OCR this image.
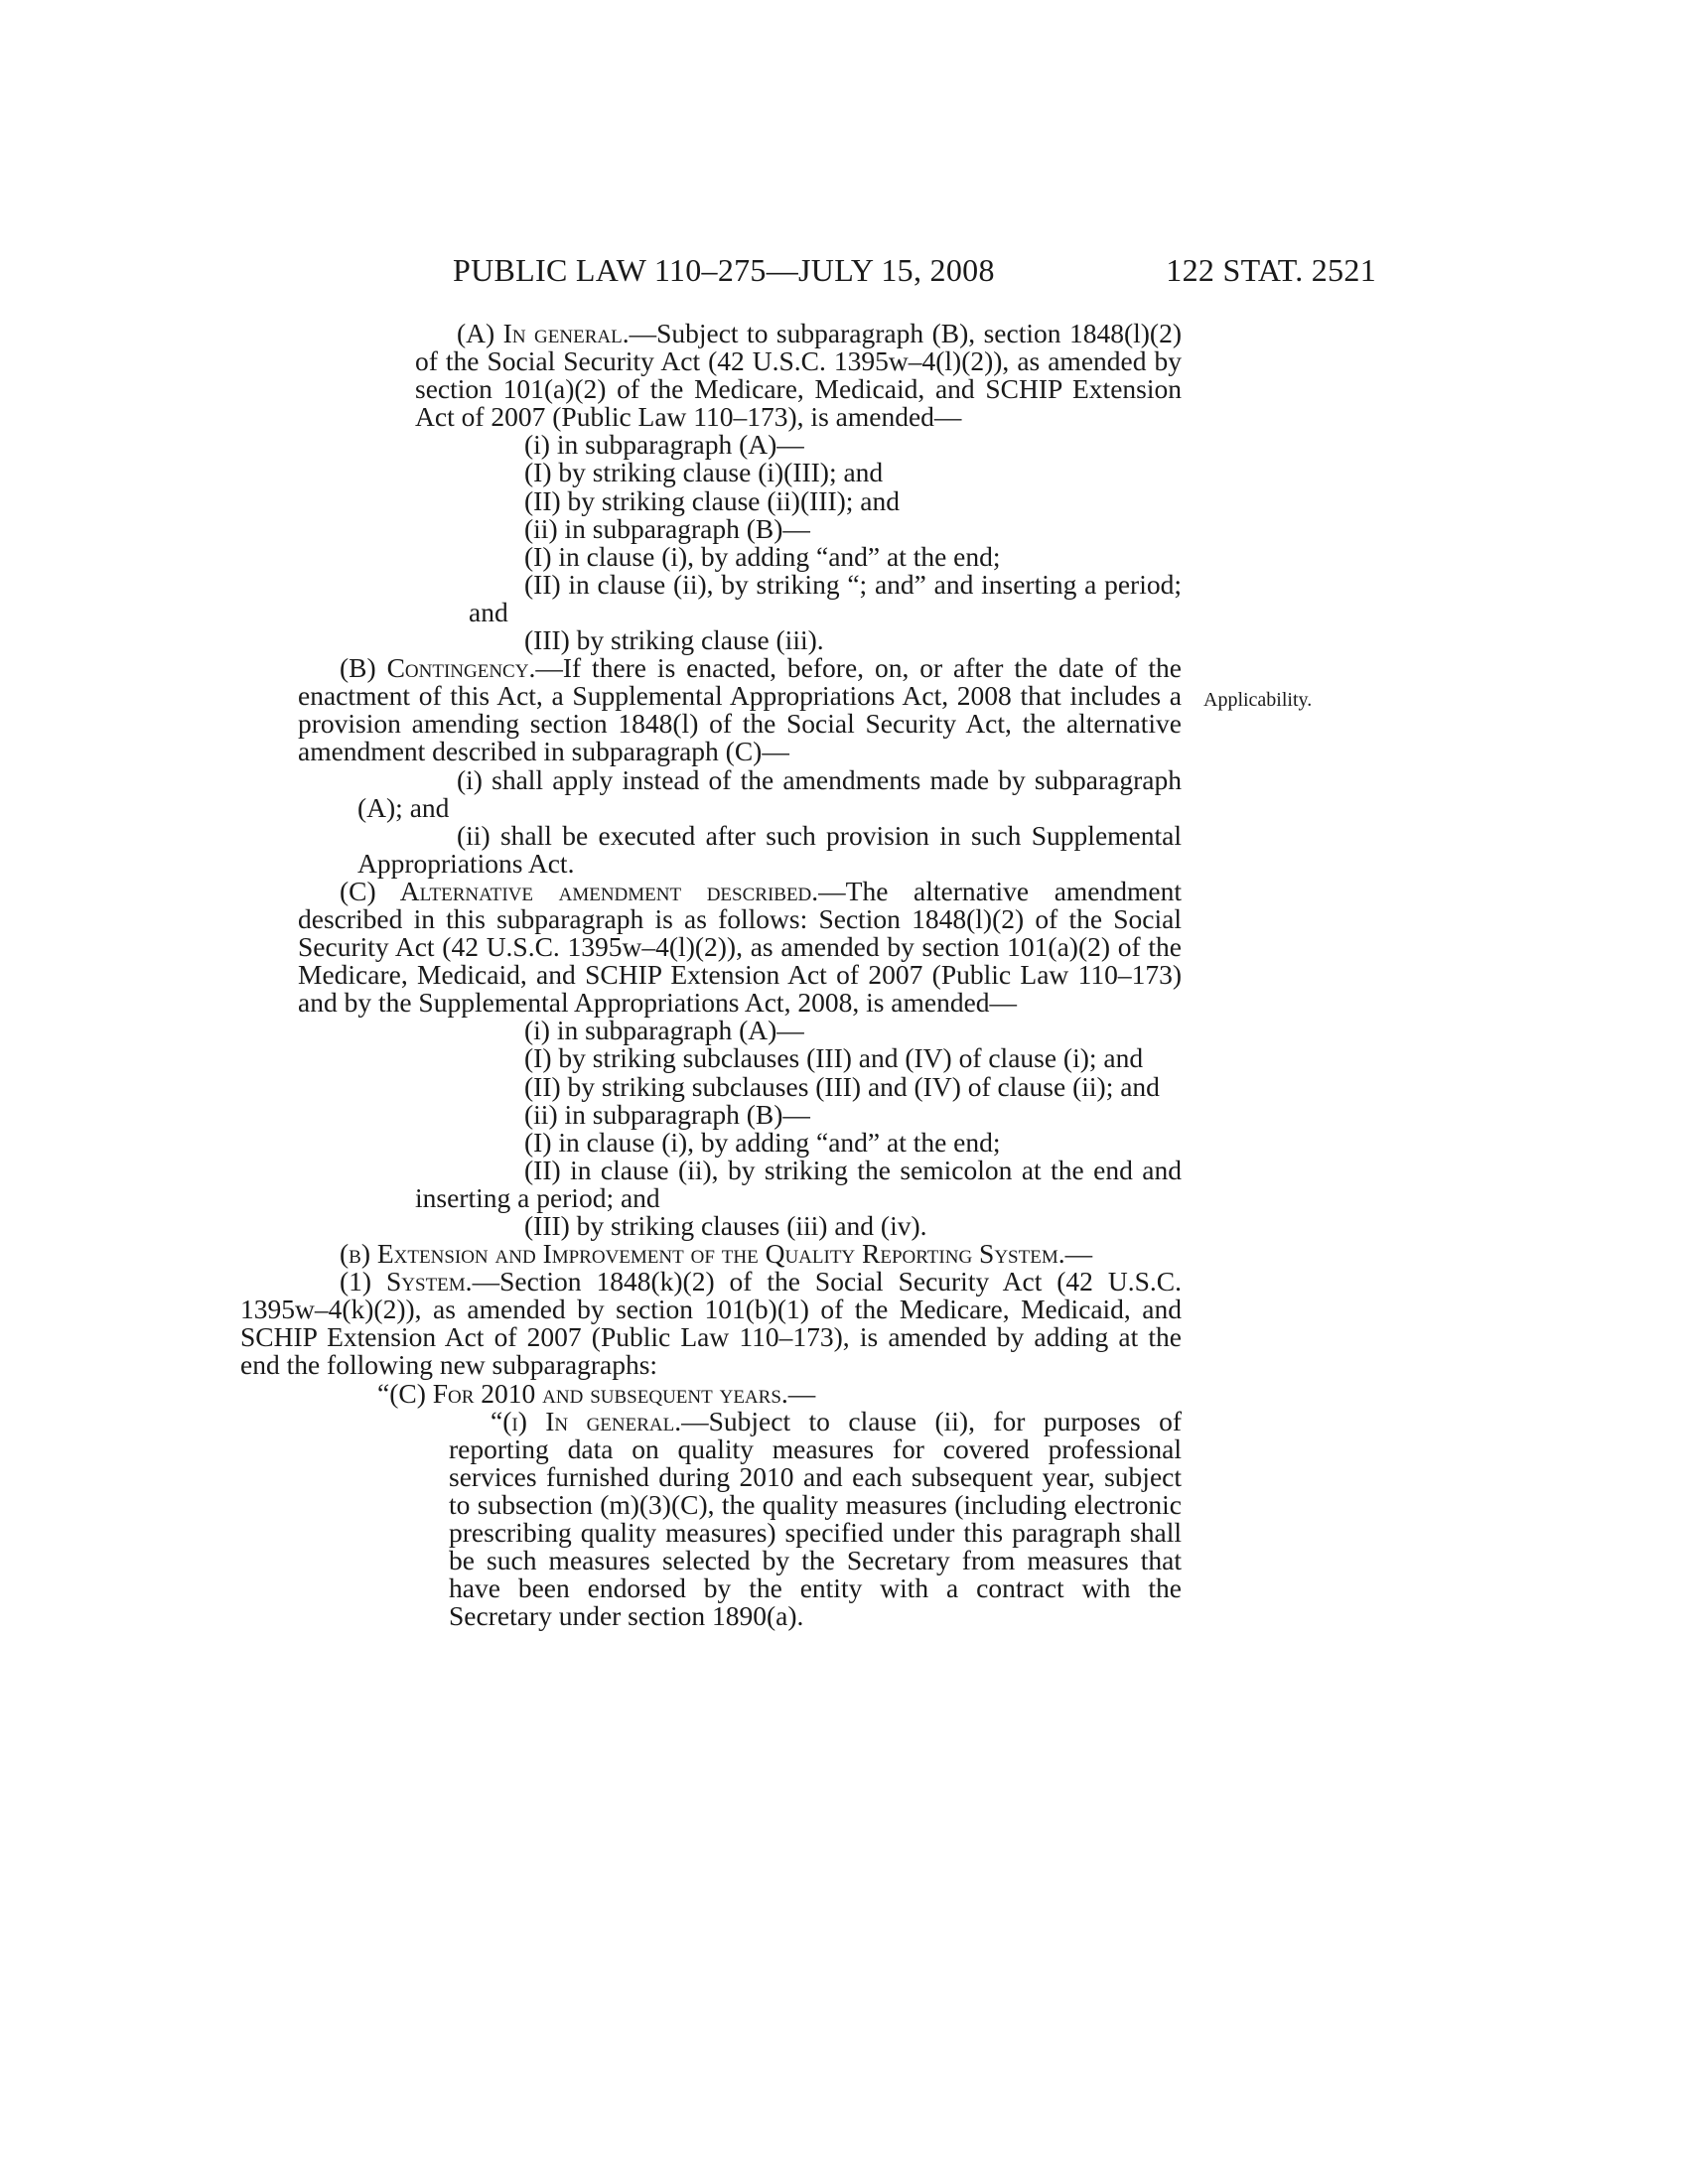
PUBLIC LAW 110–275—JULY 15, 2008	122 STAT. 2521
Applicability.

(A) In general.—Subject to subparagraph (B), section 1848(l)(2) of the Social Security Act (42 U.S.C. 1395w–4(l)(2)), as amended by section 101(a)(2) of the Medicare, Medicaid, and SCHIP Extension Act of 2007 (Public Law 110–173), is amended—

(i) in subparagraph (A)—

(I) by striking clause (i)(III); and

(II) by striking clause (ii)(III); and

(ii) in subparagraph (B)—

(I) in clause (i), by adding “and” at the end;

(II) in clause (ii), by striking “; and” and inserting a period; and

(III) by striking clause (iii).

(B) Contingency.—If there is enacted, before, on, or after the date of the enactment of this Act, a Supplemental Appropriations Act, 2008 that includes a provision amending section 1848(l) of the Social Security Act, the alternative amendment described in subparagraph (C)—

(i) shall apply instead of the amendments made by subparagraph (A); and

(ii) shall be executed after such provision in such Supplemental Appropriations Act.

(C) Alternative amendment described.—The alternative amendment described in this subparagraph is as follows: Section 1848(l)(2) of the Social Security Act (42 U.S.C. 1395w–4(l)(2)), as amended by section 101(a)(2) of the Medicare, Medicaid, and SCHIP Extension Act of 2007 (Public Law 110–173) and by the Supplemental Appropriations Act, 2008, is amended—

(i) in subparagraph (A)—

(I) by striking subclauses (III) and (IV) of clause (i); and

(II) by striking subclauses (III) and (IV) of clause (ii); and

(ii) in subparagraph (B)—

(I) in clause (i), by adding “and” at the end;

(II) in clause (ii), by striking the semicolon at the end and inserting a period; and

(III) by striking clauses (iii) and (iv).

(b) Extension and Improvement of the Quality Reporting System.—

(1) System.—Section 1848(k)(2) of the Social Security Act (42 U.S.C. 1395w–4(k)(2)), as amended by section 101(b)(1) of the Medicare, Medicaid, and SCHIP Extension Act of 2007 (Public Law 110–173), is amended by adding at the end the following new subparagraphs:

“(C) For 2010 and subsequent years.—

“(i) In general.—Subject to clause (ii), for purposes of reporting data on quality measures for covered professional services furnished during 2010 and each subsequent year, subject to subsection (m)(3)(C), the quality measures (including electronic prescribing quality measures) specified under this paragraph shall be such measures selected by the Secretary from measures that have been endorsed by the entity with a contract with the Secretary under section 1890(a).
